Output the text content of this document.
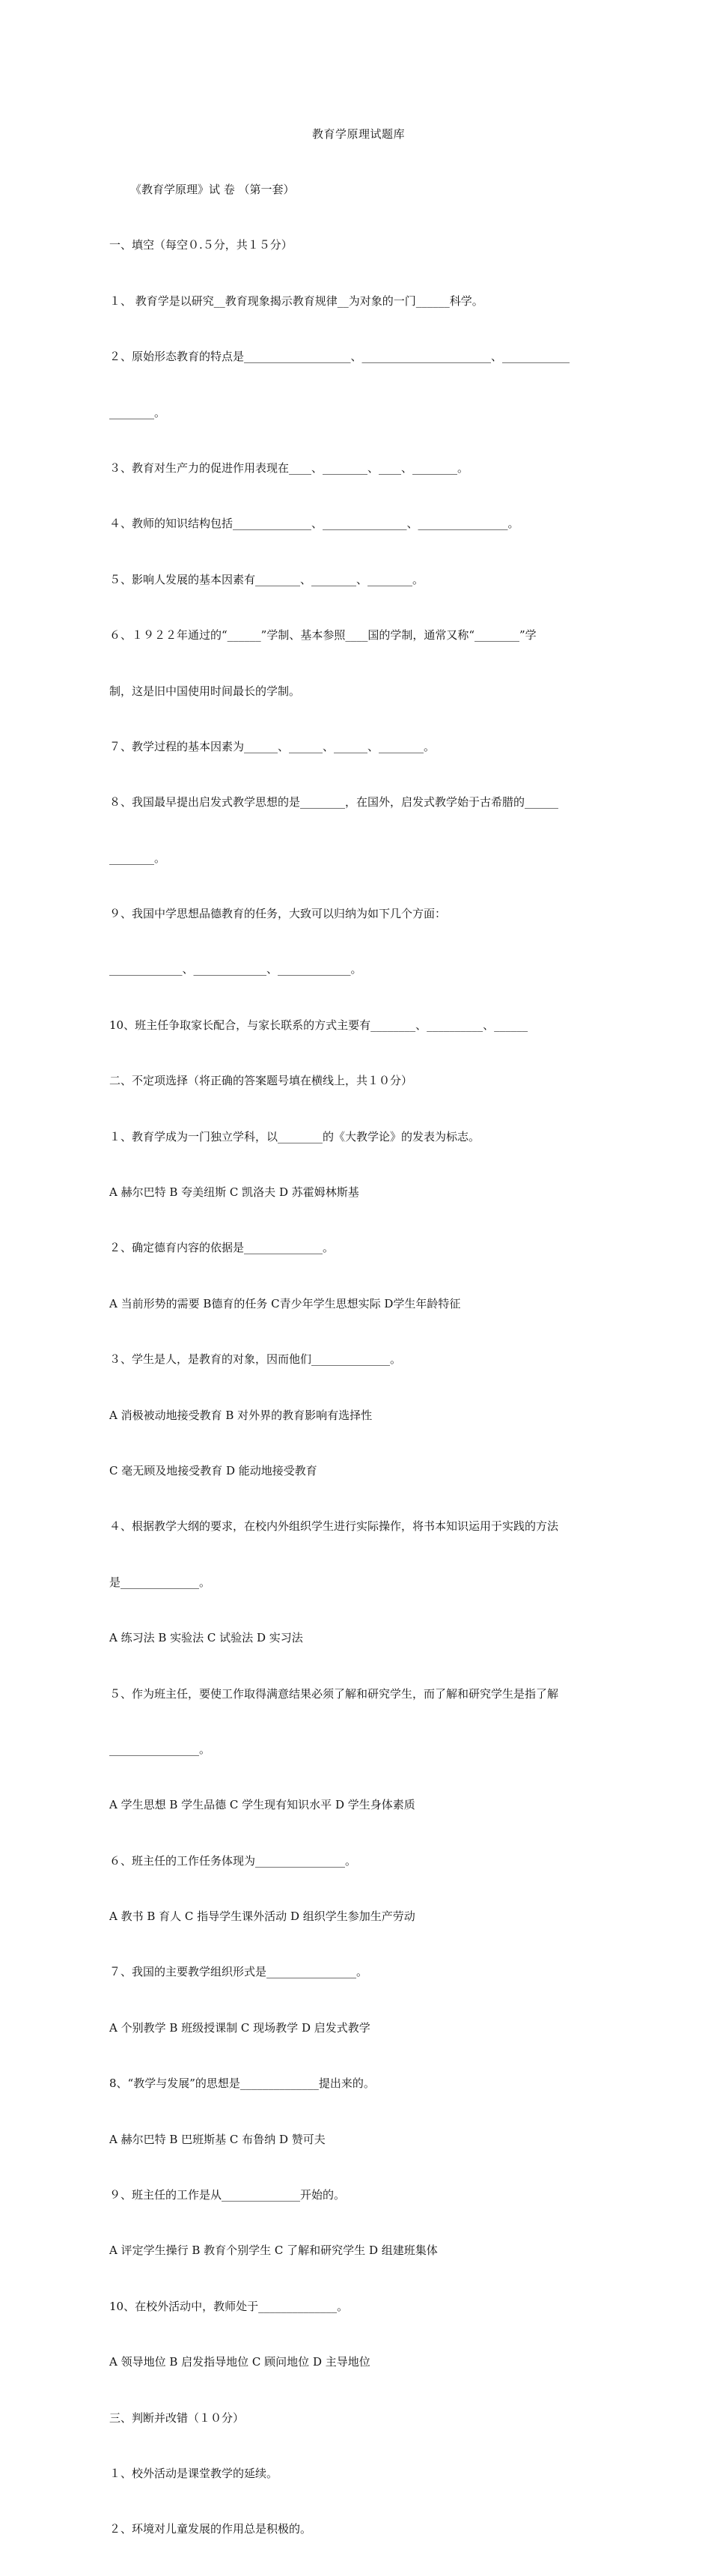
教育学原理试题库

《教育学原理》试 卷 （第一套）

一、填空（每空０.５分，共１５分）

１、 教育学是以研究__教育现象揭示教育规律__为对象的一门______科学。

２、原始形态教育的特点是___________________、_______________________、____________

________。

３、教育对生产力的促进作用表现在____、________、____、________。

４、教师的知识结构包括______________、_______________、________________。

５、影响人发展的基本因素有________、________、________。

６、１９２２年通过的“______”学制、基本参照____国的学制，通常又称“________”学

制，这是旧中国使用时间最长的学制。

７、教学过程的基本因素为______、______、______、________。

８、我国最早提出启发式教学思想的是________，在国外，启发式教学始于古希腊的______

________。

９、我国中学思想品德教育的任务，大致可以归纳为如下几个方面：

_____________、_____________、_____________。

10、班主任争取家长配合，与家长联系的方式主要有________、__________、______

二、不定项选择（将正确的答案题号填在横线上，共１０分）

１、教育学成为一门独立学科，以________的《大教学论》的发表为标志。

A 赫尔巴特 B 夸美纽斯 C 凯洛夫 D 苏霍姆林斯基

２、确定德育内容的依据是______________。

A 当前形势的需要 B德育的任务 C青少年学生思想实际 D学生年龄特征

３、学生是人，是教育的对象，因而他们______________。

A 消极被动地接受教育 B 对外界的教育影响有选择性

C 毫无顾及地接受教育 D 能动地接受教育

４、根据教学大纲的要求，在校内外组织学生进行实际操作，将书本知识运用于实践的方法

是______________。

A 练习法 B 实验法 C 试验法 D 实习法

５、作为班主任，要使工作取得满意结果必须了解和研究学生，而了解和研究学生是指了解

________________。

A 学生思想 B 学生品德 C 学生现有知识水平 D 学生身体素质

６、班主任的工作任务体现为________________。

A 教书 B 育人 C 指导学生课外活动 D 组织学生参加生产劳动

７、我国的主要教学组织形式是________________。

A 个别教学 B 班级授课制 C 现场教学 D 启发式教学

8、“教学与发展”的思想是______________提出来的。

A 赫尔巴特 B 巴班斯基 C 布鲁纳 D 赞可夫

９、班主任的工作是从______________开始的。

A 评定学生操行 B 教育个别学生 C 了解和研究学生 D 组建班集体

10、在校外活动中，教师处于______________。

A 领导地位 B 启发指导地位 C 顾问地位 D 主导地位

三、判断并改错（１０分）

１、校外活动是课堂教学的延续。

２、环境对儿童发展的作用总是积极的。
